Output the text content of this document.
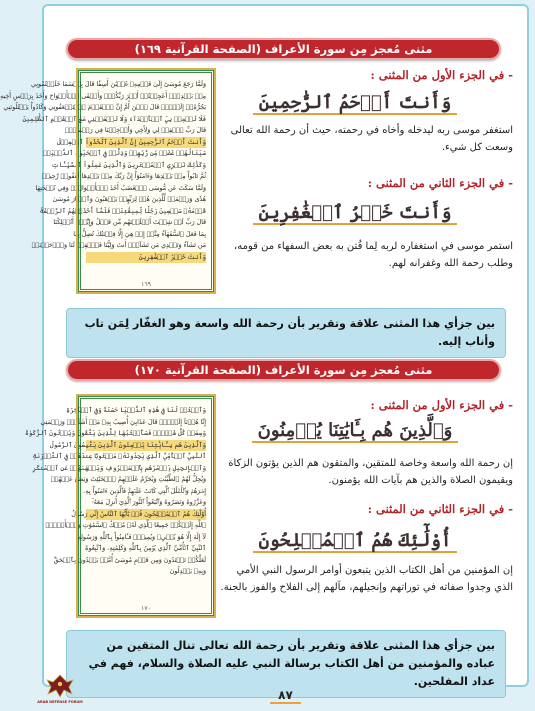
مثنى مُعجز مِن سورة الأعراف (الصفحة القرآنية ١٦٩)
وَلَمَّا رَجَعَ مُوسَىٰٓ إِلَىٰ قَوۡمِهِۦ غَضۡبَٰنَ أَسِفٗا قَالَ بِئۡسَمَا خَلَفۡتُمُونِي
مِنۢ بَعۡدِيٓۖ أَعَجِلۡتُمۡ أَمۡرَ رَبِّكُمۡۖ وَأَلۡقَى ٱلۡأَلۡوَاحَ وَأَخَذَ بِرَأۡسِ أَخِيهِ
يَجُرُّهُۥٓ إِلَيۡهِۚ قَالَ ٱبۡنَ أُمَّ إِنَّ ٱلۡقَوۡمَ ٱسۡتَضۡعَفُونِي وَكَادُواْ يَقۡتُلُونَنِي
فَلَا تُشۡمِتۡ بِيَ ٱلۡأَعۡدَآءَ وَلَا تَجۡعَلۡنِي مَعَ ٱلۡقَوۡمِ ٱلظَّٰلِمِينَ
قَالَ رَبِّ ٱغۡفِرۡ لِي وَلِأَخِي وَأَدۡخِلۡنَا فِي رَحۡمَتِكَۖ
وَأَنتَ أَرۡحَمُ ٱلرَّٰحِمِينَ إِنَّ ٱلَّذِينَ ٱتَّخَذُواْ ٱلۡعِجۡلَ
سَيَنَالُهُمۡ غَضَبٞ مِّن رَّبِّهِمۡ وَذِلَّةٞ فِي ٱلۡحَيَوٰةِ ٱلدُّنۡيَاۚ
وَكَذَٰلِكَ نَجۡزِي ٱلۡمُفۡتَرِينَ وَٱلَّذِينَ عَمِلُواْ ٱلسَّيِّـَٔاتِ
ثُمَّ تَابُواْ مِنۢ بَعۡدِهَا وَءَامَنُوٓاْ إِنَّ رَبَّكَ مِنۢ بَعۡدِهَا لَغَفُورٞ رَّحِيمٞ
وَلَمَّا سَكَتَ عَن مُّوسَى ٱلۡغَضَبُ أَخَذَ ٱلۡأَلۡوَاحَۖ وَفِي نُسۡخَتِهَا
هُدٗى وَرَحۡمَةٞ لِّلَّذِينَ هُمۡ لِرَبِّهِمۡ يَرۡهَبُونَ وَٱخۡتَارَ مُوسَىٰ
قَوۡمَهُۥ سَبۡعِينَ رَجُلٗا لِّمِيقَٰتِنَاۖ فَلَمَّآ أَخَذَتۡهُمُ ٱلرَّجۡفَةُ
قَالَ رَبِّ لَوۡ شِئۡتَ أَهۡلَكۡتَهُم مِّن قَبۡلُ وَإِيَّٰيَۖ أَتُهۡلِكُنَا
بِمَا فَعَلَ ٱلسُّفَهَآءُ مِنَّآۖ إِنۡ هِيَ إِلَّا فِتۡنَتُكَ تُضِلُّ بِهَا
مَن تَشَآءُ وَتَهۡدِي مَن تَشَآءُۖ أَنتَ وَلِيُّنَا فَٱغۡفِرۡ لَنَا وَٱرۡحَمۡنَاۖ
وَأَنتَ خَيۡرُ ٱلۡغَٰفِرِينَ
١٦٩
- في الجزء الأول من المثنى :
وَأَنتَ أَرۡحَمُ ٱلرَّٰحِمِينَ
استغفر موسى ربه ليدخله وأخاه في رحمته، حيث أن رحمة الله تعالى وسعت كل شيء.
- في الجزء الثاني من المثنى :
وَأَنتَ خَيۡرُ ٱلۡغَٰفِرِينَ
استمر موسى في استغفاره لربه لِما فُتن به بعض السفهاء من قومه، وطلب رحمة الله وغفرانه لهم.
بين جزأي هذا المثنى علاقة وتقرير بأن رحمة الله واسعة وهو الغفّار لِمَن تاب وأناب إليه.
مثنى مُعجز مِن سورة الأعراف (الصفحة القرآنية ١٧٠)
وَٱكۡتُبۡ لَنَا فِي هَٰذِهِ ٱلدُّنۡيَا حَسَنَةٗ وَفِي ٱلۡأٓخِرَةِ
إِنَّا هُدۡنَآ إِلَيۡكَۚ قَالَ عَذَابِيٓ أُصِيبُ بِهِۦ مَنۡ أَشَآءُۖ وَرَحۡمَتِي
وَسِعَتۡ كُلَّ شَيۡءٖۚ فَسَأَكۡتُبُهَا لِلَّذِينَ يَتَّقُونَ وَيُؤۡتُونَ ٱلزَّكَوٰةَ
وَٱلَّذِينَ هُم بِـَٔايَٰتِنَا يُؤۡمِنُونَ ٱلَّذِينَ يَتَّبِعُونَ ٱلرَّسُولَ
ٱلنَّبِيَّ ٱلۡأُمِّيَّ ٱلَّذِي يَجِدُونَهُۥ مَكۡتُوبًا عِندَهُمۡ فِي ٱلتَّوۡرَىٰةِ
وَٱلۡإِنجِيلِ يَأۡمُرُهُم بِٱلۡمَعۡرُوفِ وَيَنۡهَىٰهُمۡ عَنِ ٱلۡمُنكَرِ
وَيُحِلُّ لَهُمُ ٱلطَّيِّبَٰتِ وَيُحَرِّمُ عَلَيۡهِمُ ٱلۡخَبَٰٓئِثَ وَيَضَعُ عَنۡهُمۡ
إِصۡرَهُمۡ وَٱلۡأَغۡلَٰلَ ٱلَّتِي كَانَتۡ عَلَيۡهِمۡۚ فَٱلَّذِينَ ءَامَنُواْ بِهِۦ
وَعَزَّرُوهُ وَنَصَرُوهُ وَٱتَّبَعُواْ ٱلنُّورَ ٱلَّذِيٓ أُنزِلَ مَعَهُۥٓ
أُوْلَٰٓئِكَ هُمُ ٱلۡمُفۡلِحُونَ قُلۡ يَٰٓأَيُّهَا ٱلنَّاسُ إِنِّي رَسُولُ
ٱللَّهِ إِلَيۡكُمۡ جَمِيعًا ٱلَّذِي لَهُۥ مُلۡكُ ٱلسَّمَٰوَٰتِ وَٱلۡأَرۡضِۖ
لَآ إِلَٰهَ إِلَّا هُوَ يُحۡيِۦ وَيُمِيتُۖ فَـَٔامِنُواْ بِٱللَّهِ وَرَسُولِهِ
ٱلنَّبِيِّ ٱلۡأُمِّيِّ ٱلَّذِي يُؤۡمِنُ بِٱللَّهِ وَكَلِمَٰتِهِۦ وَٱتَّبِعُوهُ
لَعَلَّكُمۡ تَهۡتَدُونَ وَمِن قَوۡمِ مُوسَىٰٓ أُمَّةٞ يَهۡدُونَ بِٱلۡحَقِّ
وَبِهِۦ يَعۡدِلُونَ
١٧٠
- في الجزء الأول من المثنى :
وَٱلَّذِينَ هُم بِـَٔايَٰتِنَا يُؤۡمِنُونَ
إن رحمة الله واسعة وخاصة للمتقين، والمتقون هم الذين يؤتون الزكاة ويقيمون الصلاة والذين هم بآيات الله يؤمنون.
- في الجزء الثاني من المثنى :
أُوْلَٰٓئِكَ هُمُ ٱلۡمُفۡلِحُونَ
إن المؤمنين من أهل الكتاب الذين يتبعون أوامر الرسول النبي الأمي الذي وجدوا صفاته في توراتهم وإنجيلهم، مآلهم إلى الفلاح والفوز بالجنة.
بين جزأي هذا المثنى علاقة وتقرير بأن رحمة الله تعالى تنال المتقين من عباده والمؤمنين من أهل الكتاب برسالة النبي عليه الصلاة والسلام، فهم في عداد المفلحين.
٨٧
ARAB DEFENSE FORUM
